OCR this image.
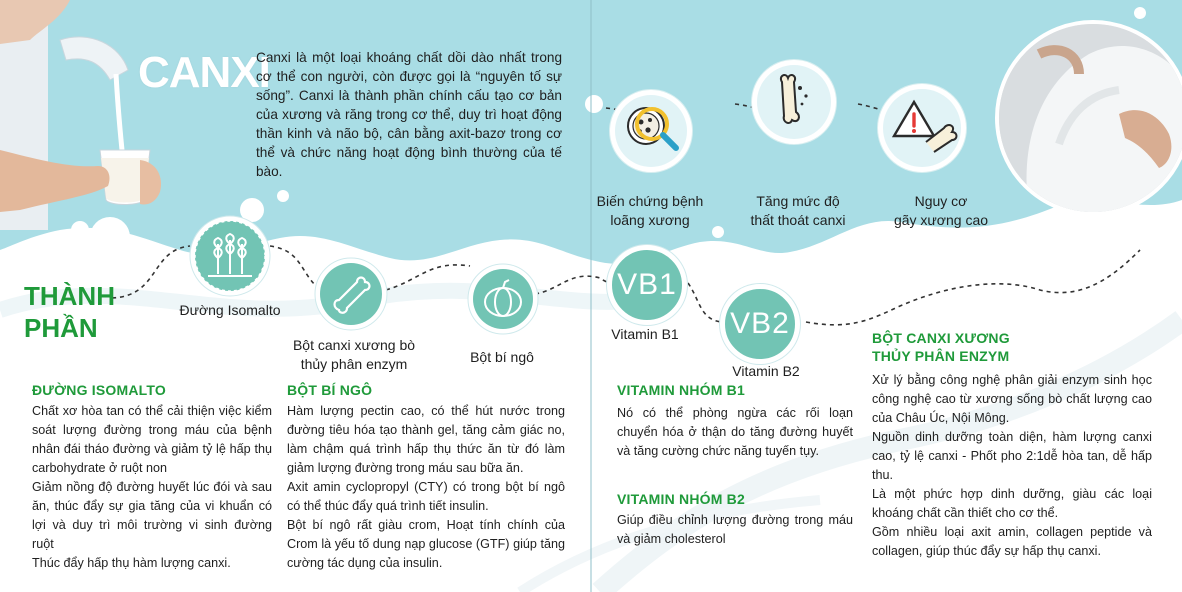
CANXI
Canxi là một loại khoáng chất dồi dào nhất trong cơ thể con người, còn được gọi là “nguyên tố sự sống”. Canxi là thành phần chính cấu tạo cơ bản của xương và răng trong cơ thể, duy trì hoạt động thần kinh và não bộ, cân bằng axit-bazơ trong cơ thể và chức năng hoạt động bình thường của tế bào.
Biến chứng bệnh
loãng xương
Tăng mức độ
thất thoát canxi
Nguy cơ
gãy xương cao
THÀNH
PHẦN
VB1
VB2
Đường Isomalto
Bột canxi xương bò
thủy phân enzym	Bột bí ngô
Vitamin B1
Vitamin B2
ĐƯỜNG ISOMALTO

Chất xơ hòa tan có thể cải thiện việc kiểm soát lượng đường trong máu của bệnh nhân đái tháo đường và giảm tỷ lệ hấp thụ carbohydrate ở ruột non

Giảm nồng độ đường huyết lúc đói và sau ăn, thúc đẩy sự gia tăng của vi khuẩn có lợi và duy trì môi trường vi sinh đường ruột

Thúc đẩy hấp thụ hàm lượng canxi.

BỘT BÍ NGÔ

Hàm lượng pectin cao, có thể hút nước trong đường tiêu hóa tạo thành gel, tăng cảm giác no, làm chậm quá trình hấp thụ thức ăn từ đó làm giảm lượng đường trong máu sau bữa ăn.

Axit amin cyclopropyl (CTY) có trong bột bí ngô có thể thúc đẩy quá trình tiết insulin.

Bột bí ngô rất giàu crom, Hoạt tính chính của Crom là yếu tố dung nạp glucose (GTF) giúp tăng cường tác dụng của insulin.

VITAMIN NHÓM B1

Nó có thể phòng ngừa các rối loạn chuyển hóa ở thận do tăng đường huyết và tăng cường chức năng tuyến tụy.

VITAMIN NHÓM B2

Giúp điều chỉnh lượng đường trong máu và giảm cholesterol

BỘT CANXI XƯƠNG
THỦY PHÂN ENZYM

Xử lý bằng công nghệ phân giải enzym sinh học công nghệ cao từ xương sống bò chất lượng cao của Châu Úc, Nội Mông.

Nguồn dinh dưỡng toàn diện, hàm lượng canxi cao, tỷ lệ canxi - Phốt pho 2:1dễ hòa tan, dễ hấp thu.

Là một phức hợp dinh dưỡng, giàu các loại khoáng chất cần thiết cho cơ thể.

Gồm nhiều loại axit amin, collagen peptide và collagen, giúp thúc đẩy sự hấp thụ canxi.
